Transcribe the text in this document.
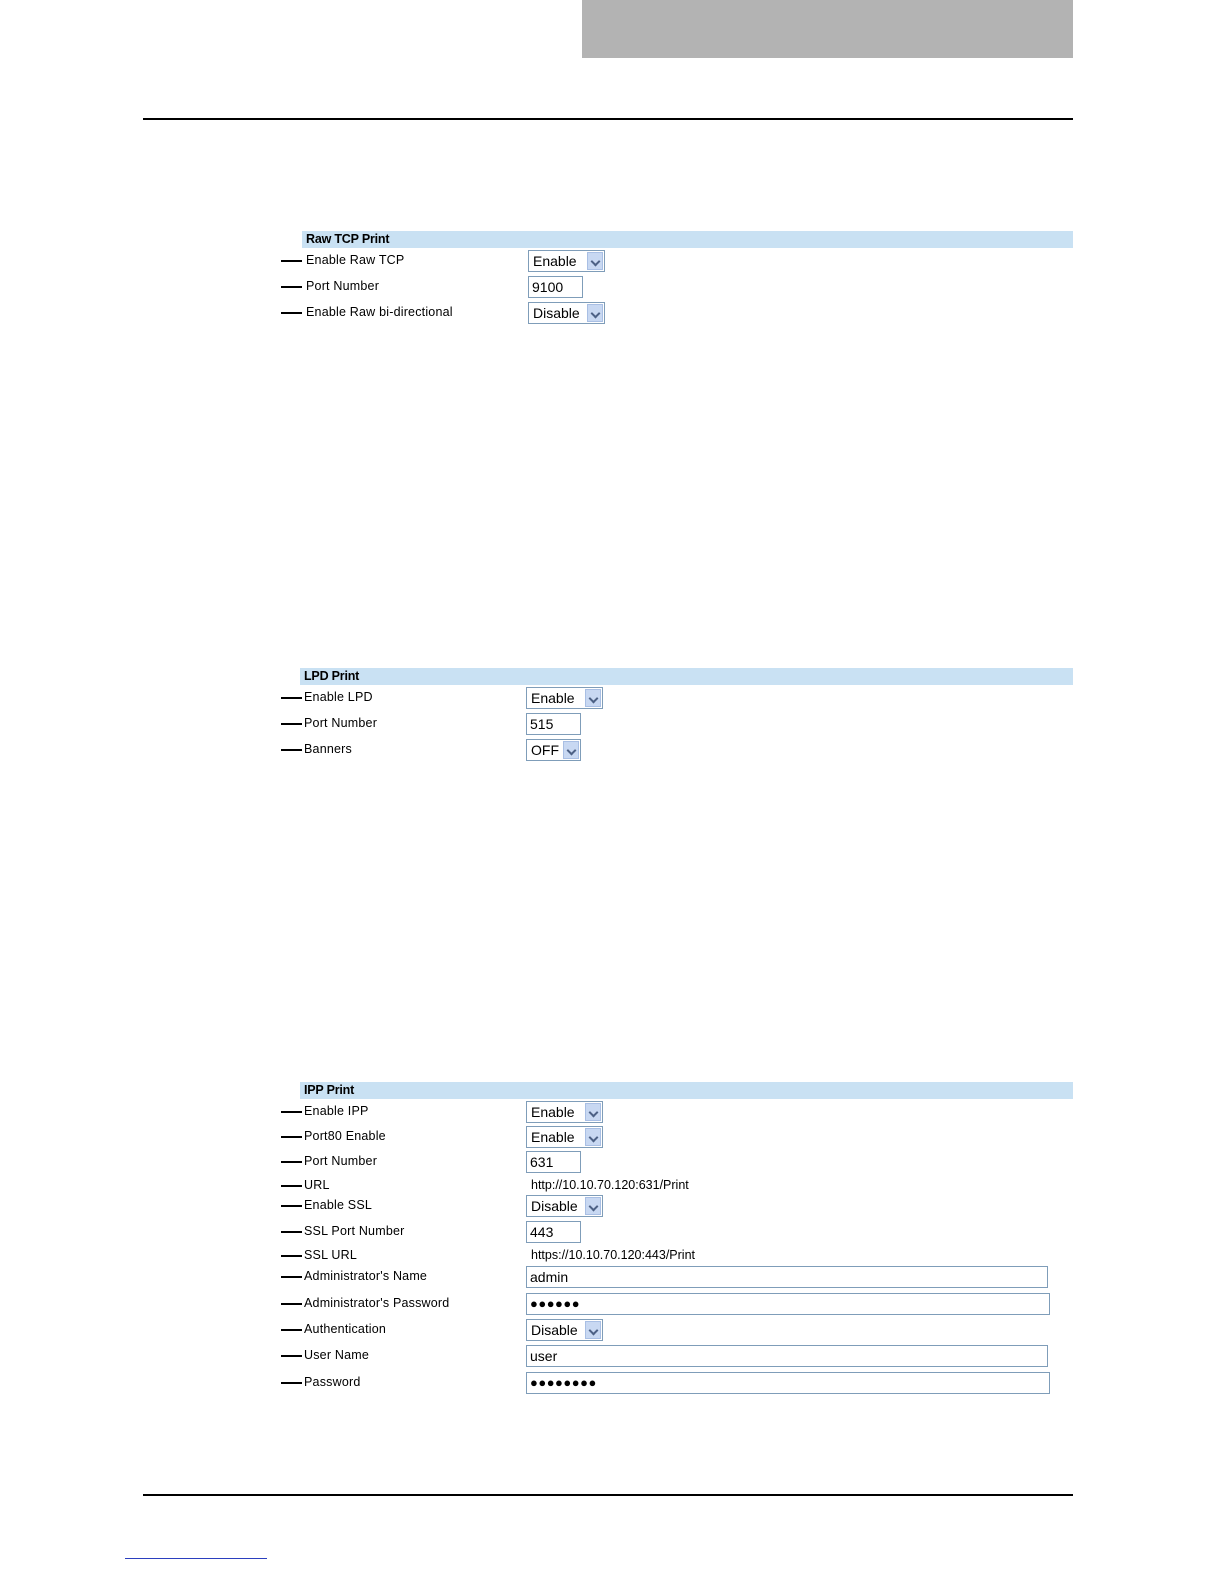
Raw TCP Print
Enable Raw TCP	Enable
Port Number	9100
Enable Raw bi-directional	Disable
LPD Print
Enable LPD	Enable
Port Number	515
Banners	OFF
IPP Print
Enable IPP	Enable
Port80 Enable	Enable
Port Number	631
URL	http://10.10.70.120:631/Print
Enable SSL	Disable
SSL Port Number	443
SSL URL	https://10.10.70.120:443/Print
Administrator's Name	admin
Administrator's Password	●●●●●●
Authentication	Disable
User Name	user
Password	●●●●●●●●
